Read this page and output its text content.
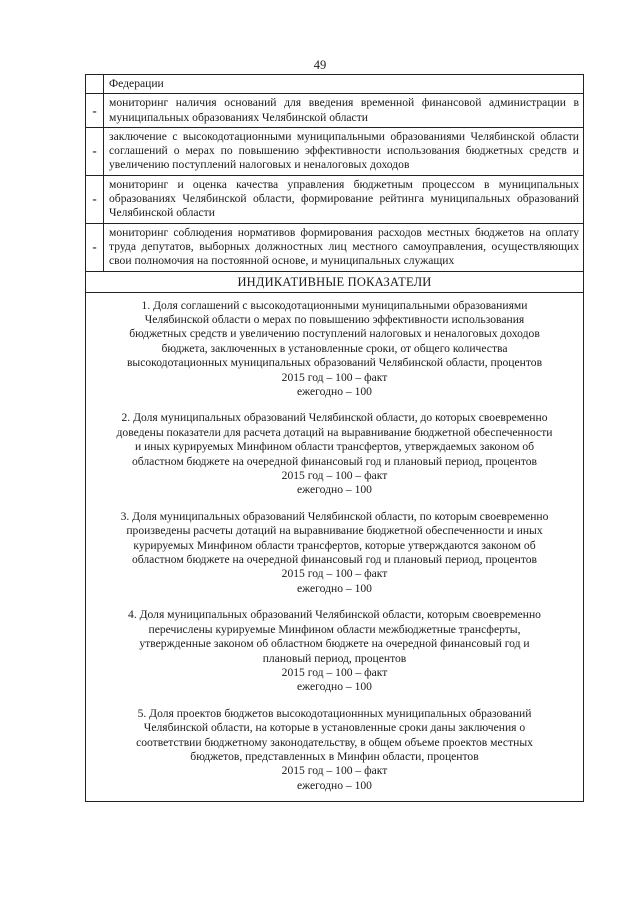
49
Федерации
-	мониторинг наличия оснований для введения временной финансовой администрации в муниципальных образованиях Челябинской области
-
заключение с высокодотационными муниципальными образованиями Челябинской области соглашений о мерах по повышению эффективности использования бюджетных средств и увеличению поступлений налоговых и неналоговых доходов
-
мониторинг и оценка качества управления бюджетным процессом в муниципальных образованиях Челябинской области, формирование рейтинга муниципальных образований Челябинской области
-
мониторинг соблюдения нормативов формирования расходов местных бюджетов на оплату труда депутатов, выборных должностных лиц местного самоуправления, осуществляющих свои полномочия на постоянной основе, и муниципальных служащих
ИНДИКАТИВНЫЕ ПОКАЗАТЕЛИ
1. Доля соглашений с высокодотационными муниципальными образованиями
Челябинской области о мерах по повышению эффективности использования
бюджетных средств и увеличению поступлений налоговых и неналоговых доходов
бюджета, заключенных в установленные сроки, от общего количества
высокодотационных муниципальных образований Челябинской области, процентов
2015 год – 100 – факт
ежегодно – 100
2. Доля муниципальных образований Челябинской области, до которых своевременно
доведены показатели для расчета дотаций на выравнивание бюджетной обеспеченности
и иных курируемых Минфином области трансфертов, утверждаемых законом об
областном бюджете на очередной финансовый год и плановый период, процентов
2015 год – 100 – факт
ежегодно – 100
3. Доля муниципальных образований Челябинской области, по которым своевременно
произведены расчеты дотаций на выравнивание бюджетной обеспеченности и иных
курируемых Минфином области трансфертов, которые утверждаются законом об
областном бюджете на очередной финансовый год и плановый период, процентов
2015 год – 100 – факт
ежегодно – 100
4. Доля муниципальных образований Челябинской области, которым своевременно
перечислены курируемые Минфином области межбюджетные трансферты,
утвержденные законом об областном бюджете на очередной финансовый год и
плановый период, процентов
2015 год – 100 – факт
ежегодно – 100
5. Доля проектов бюджетов высокодотационнных муниципальных образований
Челябинской области, на которые в установленные сроки даны заключения о
соответствии бюджетному законодательству, в общем объеме проектов местных
бюджетов, представленных в Минфин области, процентов
2015 год – 100 – факт
ежегодно – 100
